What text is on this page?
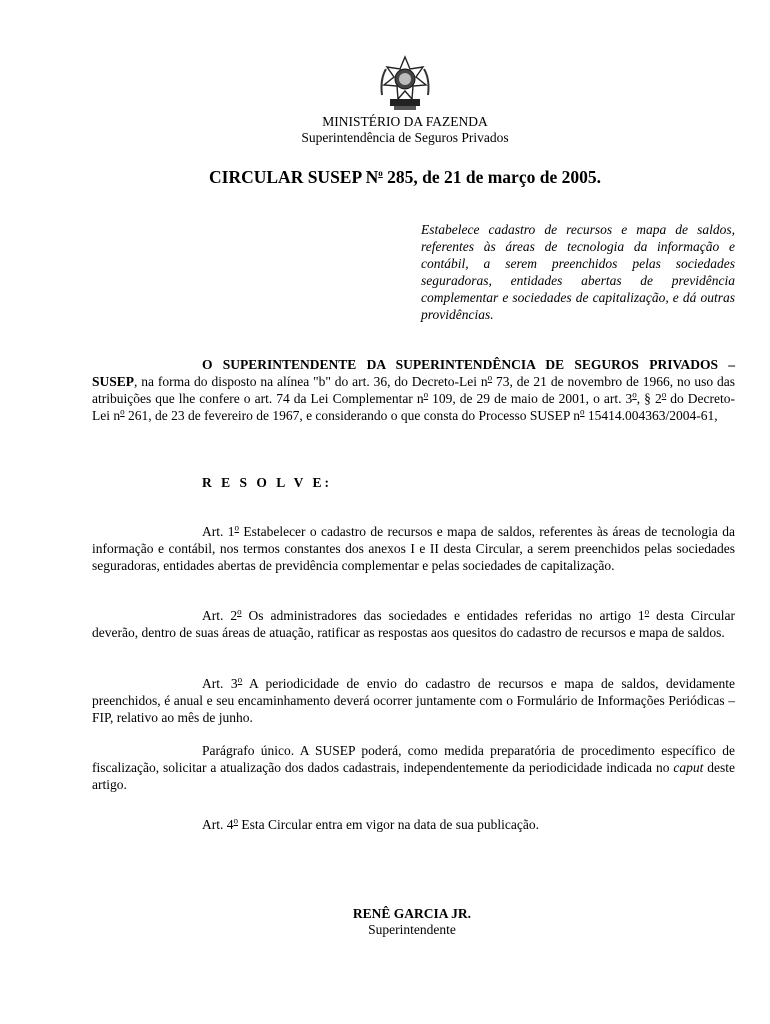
MINISTÉRIO DA FAZENDA
Superintendência de Seguros Privados
CIRCULAR SUSEP $N^o$ 285, de 21 de março de 2005.
Estabelece cadastro de recursos e mapa de saldos, referentes às áreas de tecnologia da informação e contábil, a serem preenchidos pelas sociedades seguradoras, entidades abertas de previdência complementar e sociedades de capitalização, e dá outras providências.
O SUPERINTENDENTE DA SUPERINTENDÊNCIA DE SEGUROS PRIVADOS – SUSEP, na forma do disposto na alínea "b" do art. 36, do Decreto-Lei $n^o$ 73, de 21 de novembro de 1966, no uso das atribuições que lhe confere o art. 74 da Lei Complementar $n^o$ 109, de 29 de maio de 2001, o art. 3$^o$, § 2$^o$ do Decreto-Lei $n^o$ 261, de 23 de fevereiro de 1967, e considerando o que consta do Processo SUSEP $n^o$ 15414.004363/2004-61,
R E S O L V E:
Art. 1$^o$ Estabelecer o cadastro de recursos e mapa de saldos, referentes às áreas de tecnologia da informação e contábil, nos termos constantes dos anexos I e II desta Circular, a serem preenchidos pelas sociedades seguradoras, entidades abertas de previdência complementar e pelas sociedades de capitalização.
Art. 2$^o$ Os administradores das sociedades e entidades referidas no artigo 1$^o$ desta Circular deverão, dentro de suas áreas de atuação, ratificar as respostas aos quesitos do cadastro de recursos e mapa de saldos.
Art. 3$^o$ A periodicidade de envio do cadastro de recursos e mapa de saldos, devidamente preenchidos, é anual e seu encaminhamento deverá ocorrer juntamente com o Formulário de Informações Periódicas – FIP, relativo ao mês de junho.
Parágrafo único. A SUSEP poderá, como medida preparatória de procedimento específico de fiscalização, solicitar a atualização dos dados cadastrais, independentemente da periodicidade indicada no caput deste artigo.
Art. 4$^o$ Esta Circular entra em vigor na data de sua publicação.
RENÊ GARCIA JR.
Superintendente
